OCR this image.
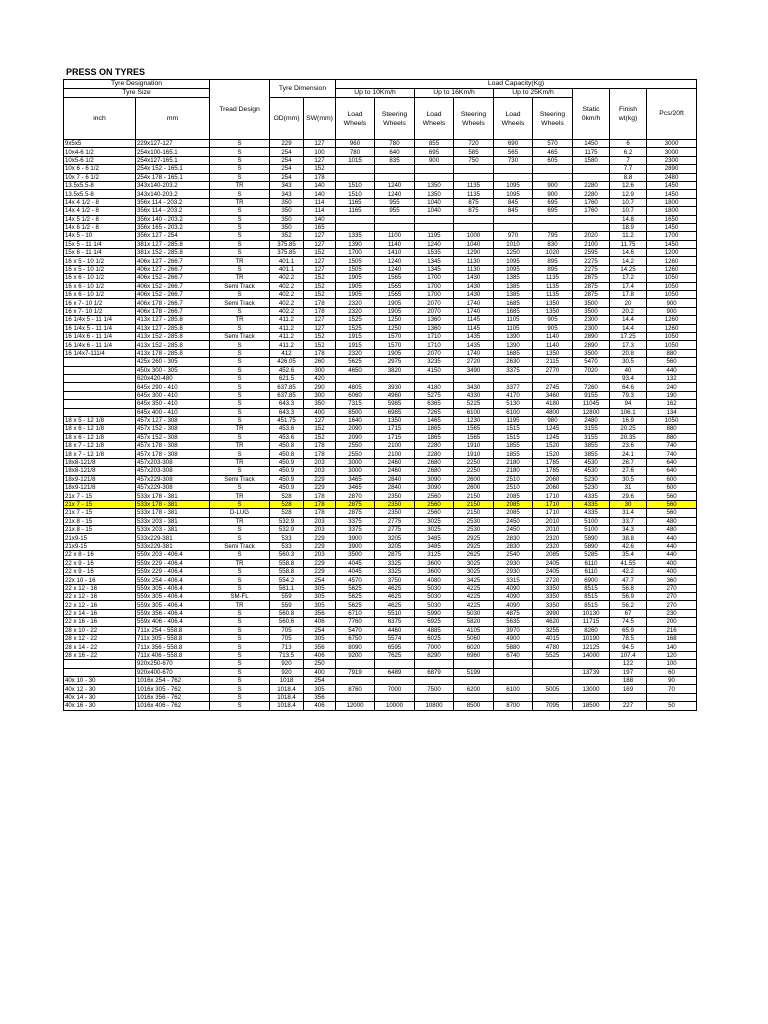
PRESS ON TYRES
Tyre Designation		Tread Design	Tyre Dimension		Load Capacity(Kg)								
Tyre Size					Up to 10Km/h		Up to 16Km/h		Up to 25Km/h		Static 0km/h	Finish wt(kg)	Pcs/20ft
inch	mm		OD(mm)	SW(mm)	Load Wheels	Steering Wheels	Load Wheels	Steering Wheels	Load Wheels	Steering Wheels			
9x5x5	229x127-127	S	229	127	960	780	855	720	690	570	1450	6	3000
10x4-6 1/2	254x100-165.1	S	254	100	780	640	695	585	565	465	1175	6.2	3000
10x5-6 1/2	254x127-165.1	S	254	127	1015	835	900	750	730	605	1580	7	2300
10x 6 - 6 1/2	254x 152 - 165.1	S	254	152								7.7	2890
10x 7 - 6 1/2	254x 178 - 165.1	S	254	178								8.8	2480
13.5x5.5-8	343x140-203.2	TR	343	140	1510	1240	1350	1135	1095	900	2280	12.6	1450
13.5x5.5-8	343x140-203.2	S	343	140	1510	1240	1350	1135	1095	900	2280	12.9	1450
14x 4 1/2 - 8	356x 114 - 203.2	TR	350	114	1165	955	1040	875	845	695	1760	10.7	1800
14x 4 1/2 - 8	356x 114 - 203.2	S	350	114	1165	955	1040	875	845	695	1760	10.7	1800
14x 5 1/2 - 8	356x 140 - 203.2	S	350	140								14.8	1650
14x 6 1/2 - 8	356x 165 - 203.2	S	350	165								18.9	1450
14x 5 - 10	356x 127 - 254	S	352	127	1335	1100	1195	1000	970	795	2020	11.2	1700
15x 5 - 11 1/4	381x 127 - 285.8	S	375.85	127	1390	1140	1240	1040	1010	830	2100	11.75	1450
15x 6 - 11 1/4	381x 152 - 285.8	S	375.85	152	1700	1410	1535	1290	1250	1020	2595	14.6	1200
16 x 5 - 10 1/2	406x 127 - 266.7	TR	401.1	127	1505	1240	1345	1130	1095	895	2275	14.2	1260
16 x 5 - 10 1/2	406x 127 - 266.7	S	401.1	127	1505	1240	1345	1130	1095	895	2275	14.25	1260
16 x 6 - 10 1/2	406x 152 - 266.7	TR	402.2	152	1905	1565	1700	1430	1385	1135	2875	17.2	1050
16 x 6 - 10 1/2	406x 152 - 266.7	Semi Track	402.2	152	1905	1565	1700	1430	1385	1135	2875	17.4	1050
16 x 6 - 10 1/2	406x 152 - 266.7	S	402.2	152	1905	1565	1700	1430	1385	1135	2875	17.8	1050
16 x 7- 10 1/2	406x 178 - 266.7	Semi Track	402.2	178	2320	1905	2070	1740	1685	1350	3500	20	900
16 x 7- 10 1/2	406x 178 - 266.7	S	402.2	178	2320	1905	2070	1740	1685	1350	3500	20.2	900
16 1/4x 5 - 11 1/4	413x 127 - 285.8	TR	411.2	127	1525	1250	1360	1145	1105	905	2300	14.4	1260
16 1/4x 5 - 11 1/4	413x 127 - 285.8	S	411.2	127	1525	1250	1360	1145	1105	905	2300	14.4	1260
16 1/4x 6 - 11 1/4	413x 152 - 285.8	Semi Track	411.2	152	1915	1570	1710	1435	1390	1140	2890	17.25	1050
16 1/4x 6 - 11 1/4	413x 152 - 285.8	S	411.2	152	1915	1570	1710	1435	1390	1140	2890	17.3	1050
16 1/4x7-111/4	413x 178 - 285.8	S	412	178	2320	1905	2070	1740	1685	1350	3500	20.8	880
	425x 260 - 305	S	426.05	260	5625	2975	3235	2720	2630	2115	5470	30.5	560
	450x 300 - 305	S	452.6	300	4650	3820	4150	3490	3375	2770	7020	40	440
	620x420-480	S	621.5	420								93.4	132
	645x 290 - 410	S	637.85	290	4805	3930	4180	3430	3377	2745	7260	64.6	240
	645x 300 - 410	S	637.85	300	6060	4960	5275	4330	4170	3460	9155	79.3	190
	645x 350 - 410	S	643.3	350	7315	5985	6365	5225	5130	4180	11045	94	162
	645x 400 - 410	S	643.3	400	8500	6985	7265	6100	6100	4800	12800	106.1	134
18 x 5 - 12 1/8	457x 127 - 308	S	451.75	127	1640	1350	1465	1230	1195	980	2480	16.9	1050
18 x 6 - 12 1/8	457x 152 - 308	TR	453.6	152	2090	1715	1865	1565	1515	1245	3155	20.25	880
18 x 6 - 12 1/8	457x 152 - 308	S	453.6	152	2090	1715	1865	1565	1515	1245	3155	20.35	880
18 x 7 - 12 1/8	457x 178 - 308	TR	450.8	178	2550	2100	2280	1910	1855	1520	3855	23.6	740
18 x 7 - 12 1/8	457x 178 - 308	S	450.8	178	2550	2100	2280	1910	1855	1520	3855	24.1	740
18x8-121/8	457x203-308	TR	450.9	203	3000	2460	2680	2250	2180	1785	4530	26.7	640
18x8-121/8	457x203-308	S	450.9	203	3000	2460	2680	2250	2180	1785	4530	27.6	640
18x9-121/8	457x229-308	Semi Track	450.9	229	3465	2840	3090	2600	2510	2060	5230	30.5	600
18x9-121/8	457x229-308	S	450.9	229	3465	2840	3090	2600	2510	2060	5230	31	600
21x 7 - 15	533x 178 - 381	TR	528	178	2870	2350	2560	2150	2085	1710	4335	29.6	560
21x 7 - 15	533x 178 - 381	S	528	178	2875	2350	2560	2150	2085	1710	4335	30	560
21x 7 - 15	533x 178 - 381	D-LUG	528	178	2875	2350	2560	2150	2085	1710	4335	31.4	560
21x 8 - 15	533x 203 - 381	TR	532.9	203	3375	2775	3025	2530	2450	2010	5100	33.7	480
21x 8 - 15	533x 203 - 381	S	532.9	203	3375	2775	3025	2530	2450	2010	5100	34.3	480
21x9-15	533x229-381	S	533	229	3900	3205	3485	2925	2830	2320	5890	38.8	440
21x9-15	533x229-381	Semi Track	533	229	3900	3205	3485	2925	2830	2320	5890	42.6	440
22 x 8 - 16	559x 203 - 406.4	S	560.3	203	3500	2875	3125	2625	2540	2085	5285	35.4	440
22 x 9 - 16	559x 229 - 406.4	TR	558.8	229	4045	3325	3600	3025	2930	2405	6110	41.55	400
22 x 9 - 16	559x 229 - 406.4	S	558.8	229	4045	3325	3600	3025	2930	2405	6110	42.2	400
22x 10 - 16	559x 254 - 406.4	S	554.2	254	4570	3750	4080	3425	3315	2720	6900	47.7	360
22 x 12 - 16	559x 305 - 406.4	S	561.1	305	5625	4625	5030	4225	4090	3350	8515	56.8	270
22 x 12 - 16	559x 305 - 406.4	SM-FL	559	305	5625	4625	5030	4225	4090	3350	8515	56.9	270
22 x 12 - 16	559x 305 - 406.4	TR	559	305	5625	4625	5030	4225	4090	3350	8515	56.2	270
22 x 14 - 16	559x 356 - 406.4	S	560.8	356	6710	5510	5990	5030	4875	3990	10130	67	230
22 x 16 - 16	559x 406 - 406.4	S	560.6	406	7760	6375	6925	5820	5635	4620	11715	74.5	200
28 x 10 - 22	711x 254 - 558.8	S	705	254	5470	4460	4885	4105	3970	3255	8260	65.9	216
28 x 12 - 22	711x 305 - 558.8	S	705	305	6750	5574	6025	5060	4900	4015	10190	78.5	168
28 x 14 - 22	711x 356 - 558.8	S	713	356	8090	6595	7000	6020	5880	4780	12125	94.5	140
28 x 16 - 22	711x 406 - 558.8	S	713.5	406	9200	7625	8290	6960	6740	5525	14000	107.4	120
	920x250-670	S	920	250								122	100
	920x400-670	S	920	400	7919	6489	6879	5199			13739	197	60
40x 10 - 30	1016x 254 - 762	S	1018	254								188	90
40x 12 - 30	1016x 305 - 762	S	1018.4	305	8760	7000	7500	6200	6100	5005	13000	169	70
40x 14 - 30	1016x 356 - 762	S	1018.4	356									
40x 16 - 30	1016x 406 - 762	S	1018.4	406	12000	10000	10800	8500	8700	7095	18500	227	50
